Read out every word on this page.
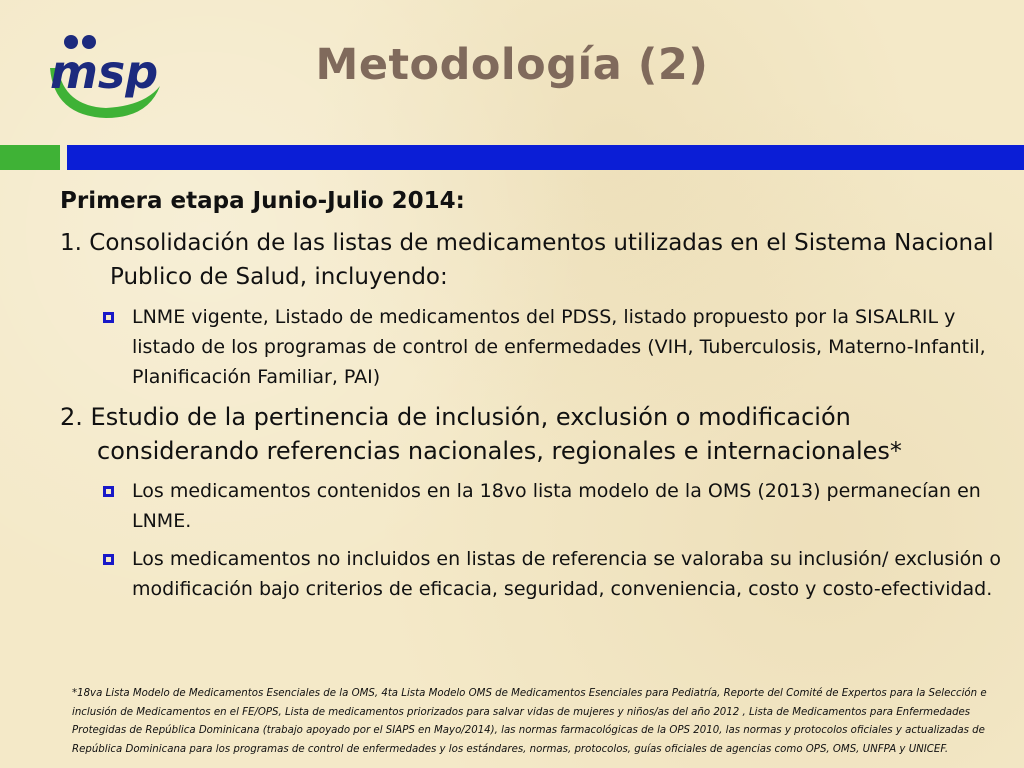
msp	Metodología (2)

Primera etapa Junio-Julio 2014:

1. Consolidación de las listas de medicamentos utilizadas en el Sistema Nacional Publico de Salud, incluyendo:

LNME vigente, Listado de medicamentos del PDSS, listado propuesto por la SISALRIL y listado de los programas de control de enfermedades (VIH, Tuberculosis, Materno-Infantil, Planificación Familiar, PAI)

2. Estudio de la pertinencia de inclusión, exclusión o modificación considerando referencias nacionales, regionales e internacionales*

Los medicamentos contenidos en la 18vo lista modelo de la OMS (2013) permanecían en LNME.
Los medicamentos no incluidos en listas de referencia se valoraba su inclusión/ exclusión o modificación bajo criterios de eficacia, seguridad, conveniencia, costo y costo-efectividad.
*18va Lista Modelo de Medicamentos Esenciales de la OMS, 4ta Lista Modelo OMS de Medicamentos Esenciales para Pediatría, Reporte del Comité de Expertos para la Selección e inclusión de Medicamentos en el FE/OPS, Lista de medicamentos priorizados para salvar vidas de mujeres y niños/as del año 2012 , Lista de Medicamentos para Enfermedades Protegidas de República Dominicana (trabajo apoyado por el SIAPS en Mayo/2014), las normas farmacológicas de la OPS 2010, las normas y protocolos oficiales y actualizadas de República Dominicana para los programas de control de enfermedades y los estándares, normas, protocolos, guías oficiales de agencias como OPS, OMS, UNFPA y UNICEF.
